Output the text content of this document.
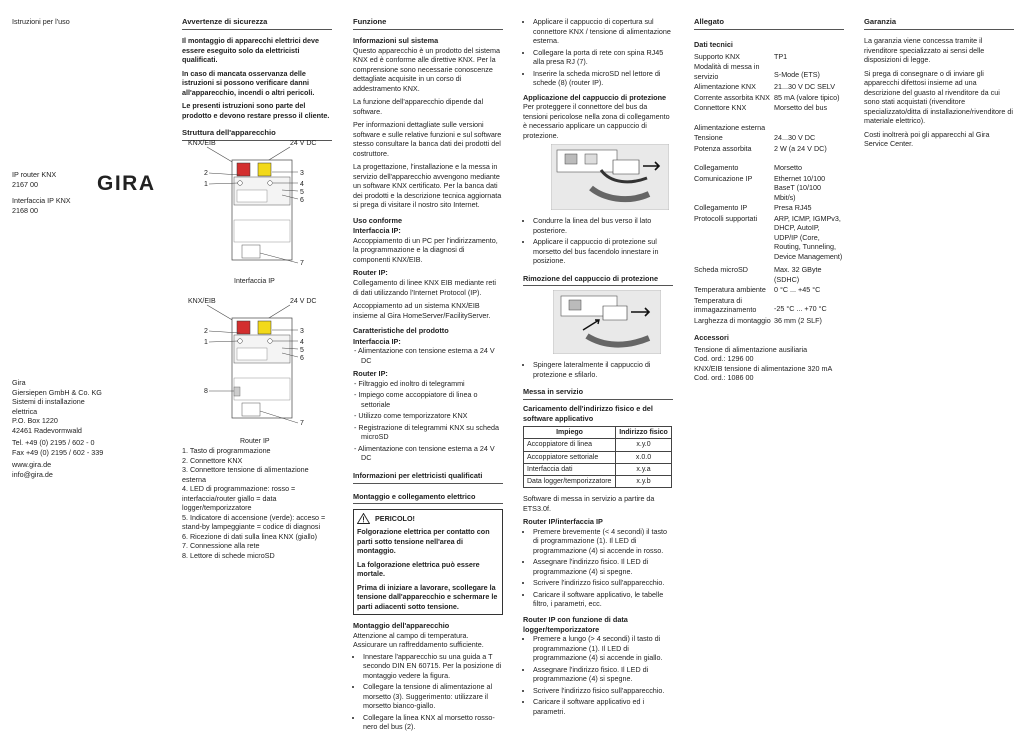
Istruzioni per l'uso
IP router KNX
2167 00
Interfaccia IP KNX
2168 00
GIRA
Gira
Giersiepen GmbH & Co. KG
Sistemi di installazione
elettrica
P.O. Box 1220
42461 Radevormwald
Tel. +49 (0) 2195 / 602 - 0
Fax +49 (0) 2195 / 602 - 339
www.gira.de
info@gira.de
Avvertenze di sicurezza

Il montaggio di apparecchi elettrici deve essere eseguito solo da elettricisti qualificati.

In caso di mancata osservanza delle istruzioni si possono verificare danni all'apparecchio, incendi o altri pericoli.

Le presenti istruzioni sono parte del prodotto e devono restare presso il cliente.

Struttura dell'apparecchio
KNX/EIB	24 V DC
2
1
3
4
5
6
7
Interfaccia IP
KNX/EIB	24 V DC
2
1
3
4
5
6
8
7
Router IP
1. Tasto di programmazione
2. Connettore KNX
3. Connettore tensione di alimentazione esterna
4. LED di programmazione: rosso = interfaccia/router giallo = data logger/temporizzatore
5. Indicatore di accensione (verde): acceso = stand-by lampeggiante = codice di diagnosi
6. Ricezione di dati sulla linea KNX (giallo)
7. Connessione alla rete
8. Lettore di schede microSD
Funzione
Informazioni sul sistema

Questo apparecchio è un prodotto del sistema KNX ed è conforme alle direttive KNX. Per la comprensione sono necessarie conoscenze dettagliate acquisite in un corso di addestramento KNX.

La funzione dell'apparecchio dipende dal software.

Per informazioni dettagliate sulle versioni software e sulle relative funzioni e sul software stesso consultare la banca dati dei prodotti del costruttore.

La progettazione, l'installazione e la messa in servizio dell'apparecchio avvengono mediante un software KNX certificato. Per la banca dati dei prodotti e la descrizione tecnica aggiornata si prega di visitare il nostro sito Internet.

Uso conforme
Interfaccia IP:

Accoppiamento di un PC per l'indirizzamento, la programmazione e la diagnosi di componenti KNX/EIB.

Router IP:

Collegamento di linee KNX EIB mediante reti di dati utilizzando l'Internet Protocol (IP).

Accoppiamento ad un sistema KNX/EIB insieme al Gira HomeServer/FacilityServer.

Caratteristiche del prodotto
Interfaccia IP:
- Alimentazione con tensione esterna a 24 V DC
Router IP:
- Filtraggio ed inoltro di telegrammi
- Impiego come accoppiatore di linea o settoriale
- Utilizzo come temporizzatore KNX
- Registrazione di telegrammi KNX su scheda microSD
- Alimentazione con tensione esterna a 24 V DC
Informazioni per elettricisti qualificati
Montaggio e collegamento elettrico
PERICOLO!

Folgorazione elettrica per contatto con parti sotto tensione nell'area di montaggio.

La folgorazione elettrica può essere mortale.

Prima di iniziare a lavorare, scollegare la tensione dall'apparecchio e schermare le parti adiacenti sotto tensione.

Montaggio dell'apparecchio

Attenzione al campo di temperatura. Assicurare un raffreddamento sufficiente.

• Innestare l'apparecchio su una guida a T secondo DIN EN 60715. Per la posizione di montaggio vedere la figura.
• Collegare la tensione di alimentazione al morsetto (3). Suggerimento: utilizzare il morsetto bianco-giallo.
• Collegare la linea KNX al morsetto rosso-nero del bus (2).
• Applicare il cappuccio di copertura sul connettore KNX / tensione di alimentazione esterna.
• Collegare la porta di rete con spina RJ45 alla presa RJ (7).
• Inserire la scheda microSD nel lettore di schede (8) (router IP).
Applicazione del cappuccio di protezione

Per proteggere il connettore del bus da tensioni pericolose nella zona di collegamento è necessario applicare un cappuccio di protezione.

• Condurre la linea del bus verso il lato posteriore.
• Applicare il cappuccio di protezione sul morsetto del bus facendolo innestare in posizione.
Rimozione del cappuccio di protezione
• Spingere lateralmente il cappuccio di protezione e sfilarlo.
Messa in servizio
Caricamento dell'indirizzo fisico e del software applicativo
Impiego	Indirizzo fisico
Accoppiatore di linea	x.y.0
Accoppiatore settoriale	x.0.0
Interfaccia dati	x.y.a
Data logger/temporizzatore	x.y.b

Software di messa in servizio a partire da ETS3.0f.

Router IP/interfaccia IP
• Premere brevemente (< 4 secondi) il tasto di programmazione (1). Il LED di programmazione (4) si accende in rosso.
• Assegnare l'indirizzo fisico. Il LED di programmazione (4) si spegne.
• Scrivere l'indirizzo fisico sull'apparecchio.
• Caricare il software applicativo, le tabelle filtro, i parametri, ecc.
Router IP con funzione di data logger/temporizzatore
• Premere a lungo (> 4 secondi) il tasto di programmazione (1). Il LED di programmazione (4) si accende in giallo.
• Assegnare l'indirizzo fisico. Il LED di programmazione (4) si spegne.
• Scrivere l'indirizzo fisico sull'apparecchio.
• Caricare il software applicativo ed i parametri.
Allegato
Dati tecnici
Supporto KNX	TP1
Modalità di messa in servizio	S-Mode (ETS)
Alimentazione KNX	21...30 V DC SELV
Corrente assorbita KNX 85 mA (valore tipico)
Connettore KNX	Morsetto del bus
Alimentazione esterna
Tensione	24...30 V DC
Potenza assorbita	2 W (a 24 V DC)
Collegamento	Morsetto
Comunicazione IP	Ethernet 10/100 BaseT (10/100 Mbit/s)
Collegamento IP	Presa RJ45
Protocolli supportati	ARP, ICMP, IGMPv3, DHCP, AutoIP, UDP/IP (Core, Routing, Tunneling, Device Management)
Scheda microSD	Max. 32 GByte (SDHC)
Temperatura ambiente	0 °C ... +45 °C
Temperatura di immagazzinamento	-25 °C ... +70 °C
Larghezza di montaggio 36 mm (2 SLF)
Accessori
Tensione di alimentazione ausiliaria
Cod. ord.: 1296 00
KNX/EIB tensione di alimentazione 320 mA
Cod. ord.: 1086 00
Garanzia

La garanzia viene concessa tramite il rivenditore specializzato ai sensi delle disposizioni di legge.

Si prega di consegnare o di inviare gli apparecchi difettosi insieme ad una descrizione del guasto al rivenditore da cui sono stati acquistati (rivenditore specializzato/ditta di installazione/rivenditore di materiale elettrico).

Costi inoltrerà poi gli apparecchi al Gira Service Center.
